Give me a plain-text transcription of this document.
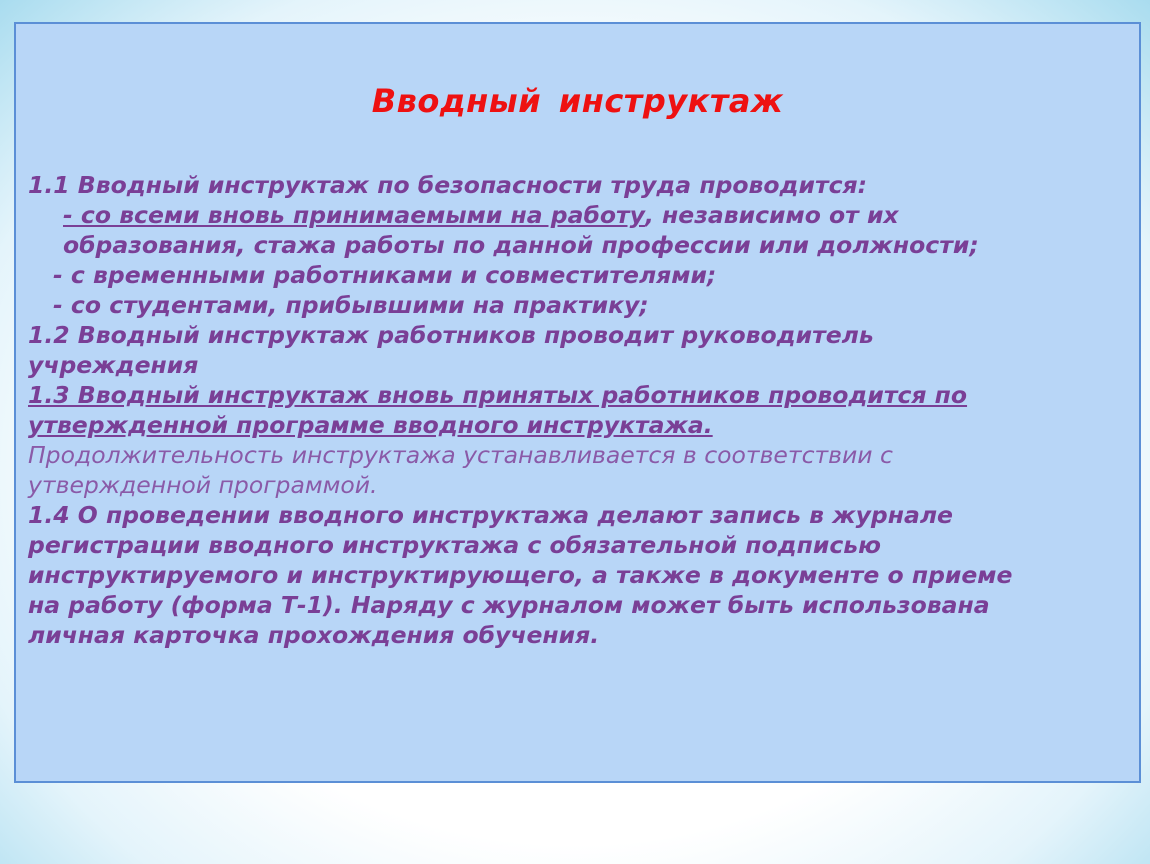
Вводный инструктаж

1.1 Вводный инструктаж по безопасности труда проводится:

- со всеми вновь принимаемыми на работу, независимо от их

образования, стажа работы по данной профессии или должности;

- с временными работниками и совместителями;

- со студентами, прибывшими на практику;

1.2 Вводный инструктаж работников проводит руководитель

учреждения

1.3 Вводный инструктаж вновь принятых работников проводится по

утвержденной программе вводного инструктажа.

Продолжительность инструктажа устанавливается в соответствии с

утвержденной программой.

1.4 О проведении вводного инструктажа делают запись в журнале

регистрации вводного инструктажа с обязательной подписью

инструктируемого и инструктирующего, а также в документе о приеме

на работу (форма Т-1). Наряду с журналом может быть использована

личная карточка прохождения обучения.
